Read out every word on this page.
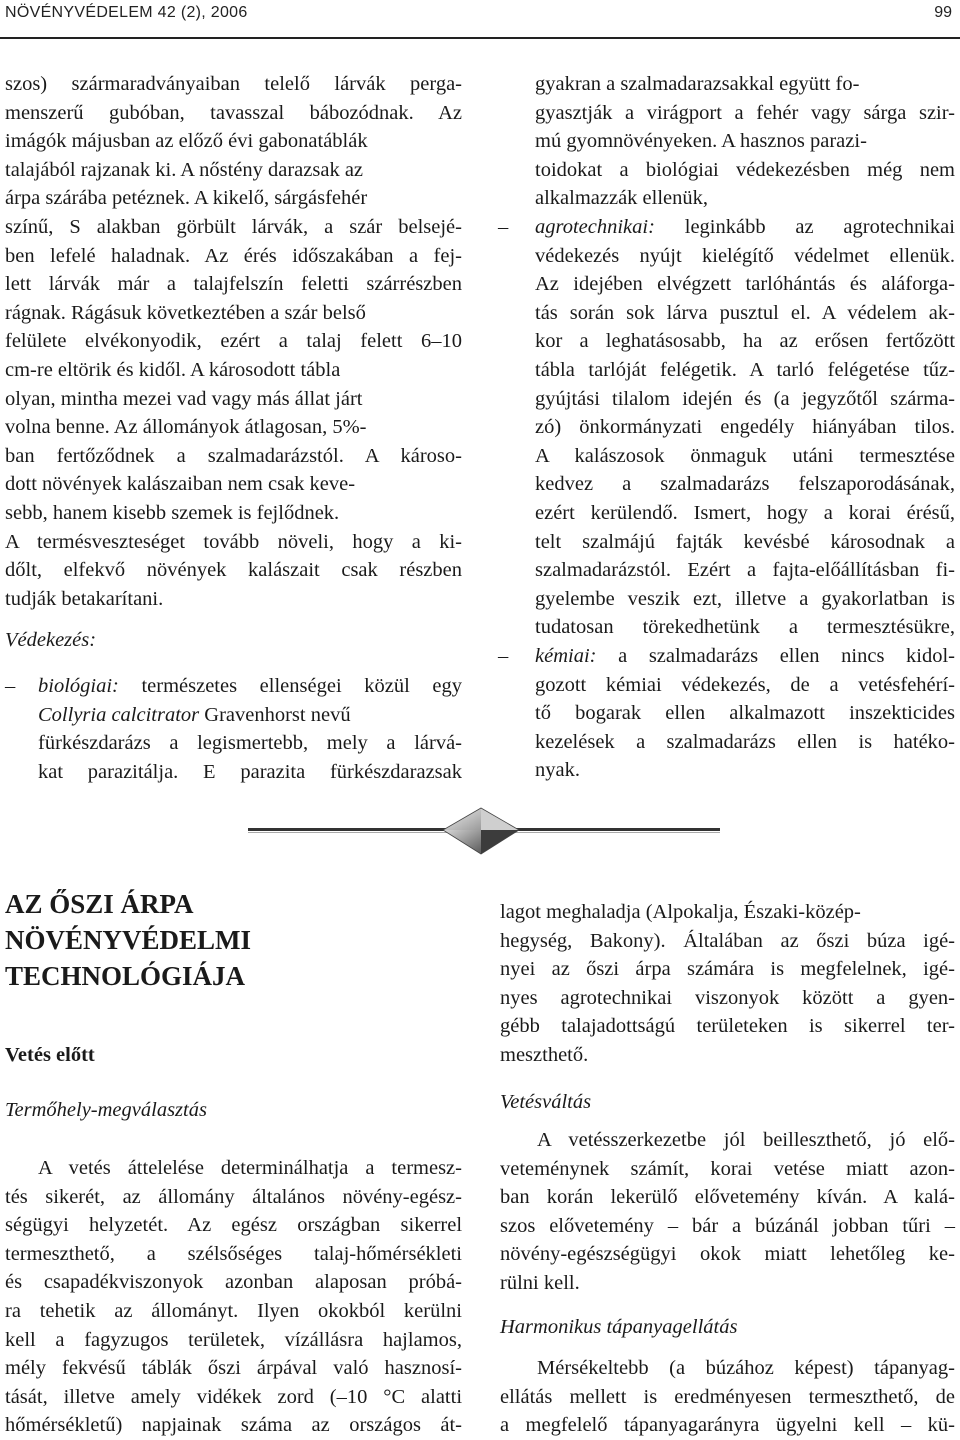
NÖVÉNYVÉDELEM 42 (2), 2006	99
szos) szármaradványaiban telelő lárvák perga-
menszerű gubóban, tavasszal bábozódnak. Az
imágók májusban az előző évi gabonatáblák
talajából rajzanak ki. A nőstény darazsak az
árpa szárába petéznek. A kikelő, sárgásfehér
színű, S alakban görbült lárvák, a szár belsejé-
ben lefelé haladnak. Az érés időszakában a fej-
lett lárvák már a talajfelszín feletti szárrészben
rágnak. Rágásuk következtében a szár belső
felülete elvékonyodik, ezért a talaj felett 6–10
cm-re eltörik és kidől. A károsodott tábla
olyan, mintha mezei vad vagy más állat járt
volna benne. Az állományok átlagosan, 5%-
ban fertőződnek a szalmadarázstól. A károso-
dott növények kalászaiban nem csak keve-
sebb, hanem kisebb szemek is fejlődnek.
A termésveszteséget tovább növeli, hogy a ki-
dőlt, elfekvő növények kalászait csak részben
tudják betakarítani.
Védekezés:
– biológiai: természetes ellenségei közül egy
Collyria calcitrator Gravenhorst nevű
fürkészdarázs a legismertebb, mely a lárvá-
kat parazitálja. E parazita fürkészdarazsak
gyakran a szalmadarazsakkal együtt fo-
gyasztják a virágport a fehér vagy sárga szir-
mú gyomnövényeken. A hasznos parazi-
toidokat a biológiai védekezésben még nem
alkalmazzák ellenük,
– agrotechnikai: leginkább az agrotechnikai
védekezés nyújt kielégítő védelmet ellenük.
Az idejében elvégzett tarlóhántás és aláforga-
tás során sok lárva pusztul el. A védelem ak-
kor a leghatásosabb, ha az erősen fertőzött
tábla tarlóját felégetik. A tarló felégetése tűz-
gyújtási tilalom idején és (a jegyzőtől szárma-
zó) önkormányzati engedély hiányában tilos.
A kalászosok önmaguk utáni termesztése
kedvez a szalmadarázs felszaporodásának,
ezért kerülendő. Ismert, hogy a korai érésű,
telt szalmájú fajták kevésbé károsodnak a
szalmadarázstól. Ezért a fajta-előállításban fi-
gyelembe veszik ezt, illetve a gyakorlatban is
tudatosan törekedhetünk a termesztésükre,
– kémiai: a szalmadarázs ellen nincs kidol-
gozott kémiai védekezés, de a vetésfehérí-
tő bogarak ellen alkalmazott inszekticides
kezelések a szalmadarázs ellen is hatéko-
nyak.
AZ ŐSZI ÁRPA
NÖVÉNYVÉDELMI
TECHNOLÓGIÁJA
Vetés előtt
Termőhely-megválasztás
A vetés áttelelése determinálhatja a termesz-
tés sikerét, az állomány általános növény-egész-
ségügyi helyzetét. Az egész országban sikerrel
termeszthető, a szélsőséges talaj-hőmérsékleti
és csapadékviszonyok azonban alaposan próbá-
ra tehetik az állományt. Ilyen okokból kerülni
kell a fagyzugos területek, vízállásra hajlamos,
mély fekvésű táblák őszi árpával való hasznosí-
tását, illetve amely vidékek zord (–10 °C alatti
hőmérsékletű) napjainak száma az országos át-
lagot meghaladja (Alpokalja, Északi-közép-
hegység, Bakony). Általában az őszi búza igé-
nyei az őszi árpa számára is megfelelnek, igé-
nyes agrotechnikai viszonyok között a gyen-
gébb talajadottságú területeken is sikerrel ter-
meszthető.
Vetésváltás
A vetésszerkezetbe jól beilleszthető, jó elő-
veteménynek számít, korai vetése miatt azon-
ban korán lekerülő elővetemény kíván. A kalá-
szos elővetemény – bár a búzánál jobban tűri –
növény-egészségügyi okok miatt lehetőleg ke-
rülni kell.
Harmonikus tápanyagellátás
Mérsékeltebb (a búzához képest) tápanyag-
ellátás mellett is eredményesen termeszthető, de
a megfelelő tápanyagarányra ügyelni kell – kü-
